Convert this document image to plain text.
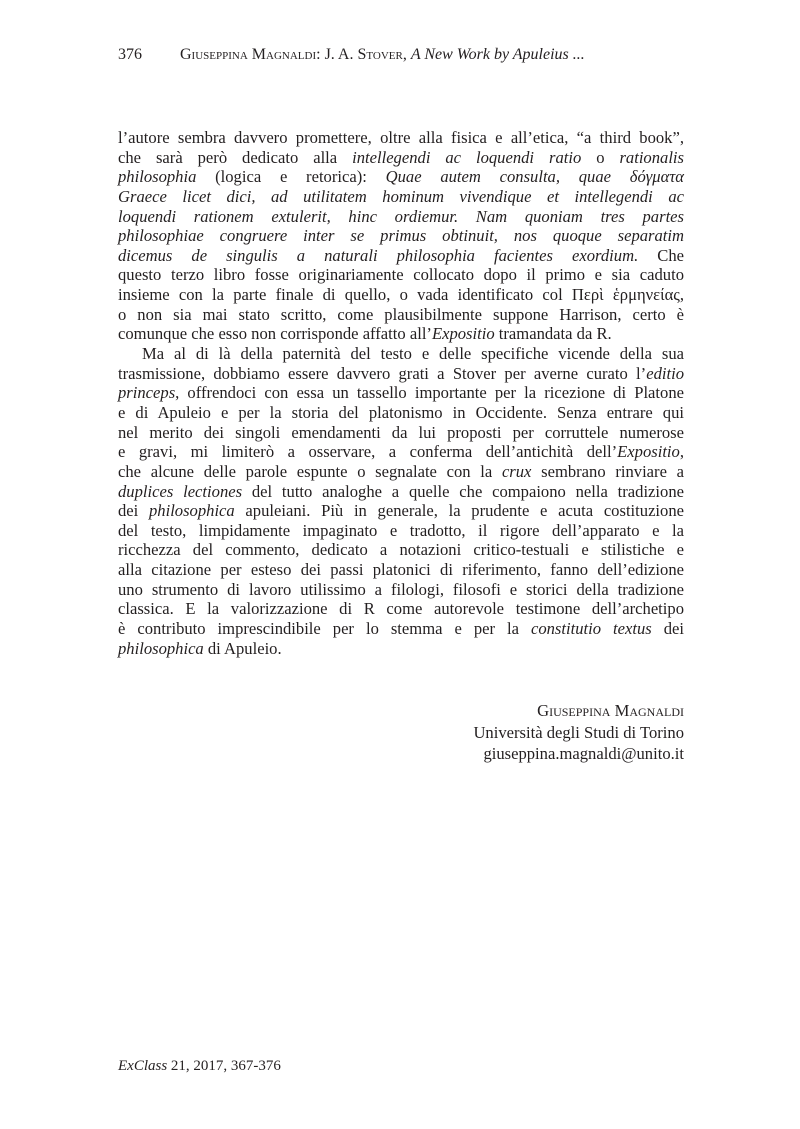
376 Giuseppina Magnaldi: J. A. Stover, A New Work by Apuleius ...
l’autore sembra davvero promettere, oltre alla fisica e all’etica, “a third book”,
che sarà però dedicato alla intellegendi ac loquendi ratio o rationalis
philosophia (logica e retorica): Quae autem consulta, quae δόγματα
Graece licet dici, ad utilitatem hominum vivendique et intellegendi ac
loquendi rationem extulerit, hinc ordiemur. Nam quoniam tres partes
philosophiae congruere inter se primus obtinuit, nos quoque separatim
dicemus de singulis a naturali philosophia facientes exordium. Che
questo terzo libro fosse originariamente collocato dopo il primo e sia caduto
insieme con la parte finale di quello, o vada identificato col Περὶ ἑρμηνείας,
o non sia mai stato scritto, come plausibilmente suppone Harrison, certo è
comunque che esso non corrisponde affatto all’Expositio tramandata da R.
Ma al di là della paternità del testo e delle specifiche vicende della sua
trasmissione, dobbiamo essere davvero grati a Stover per averne curato l’editio
princeps, offrendoci con essa un tassello importante per la ricezione di Platone
e di Apuleio e per la storia del platonismo in Occidente. Senza entrare qui
nel merito dei singoli emendamenti da lui proposti per corruttele numerose
e gravi, mi limiterò a osservare, a conferma dell’antichità dell’Expositio,
che alcune delle parole espunte o segnalate con la crux sembrano rinviare a
duplices lectiones del tutto analoghe a quelle che compaiono nella tradizione
dei philosophica apuleiani. Più in generale, la prudente e acuta costituzione
del testo, limpidamente impaginato e tradotto, il rigore dell’apparato e la
ricchezza del commento, dedicato a notazioni critico-testuali e stilistiche e
alla citazione per esteso dei passi platonici di riferimento, fanno dell’edizione
uno strumento di lavoro utilissimo a filologi, filosofi e storici della tradizione
classica. E la valorizzazione di R come autorevole testimone dell’archetipo
è contributo imprescindibile per lo stemma e per la constitutio textus dei
philosophica di Apuleio.
Giuseppina Magnaldi
Università degli Studi di Torino
giuseppina.magnaldi@unito.it
ExClass 21, 2017, 367-376
